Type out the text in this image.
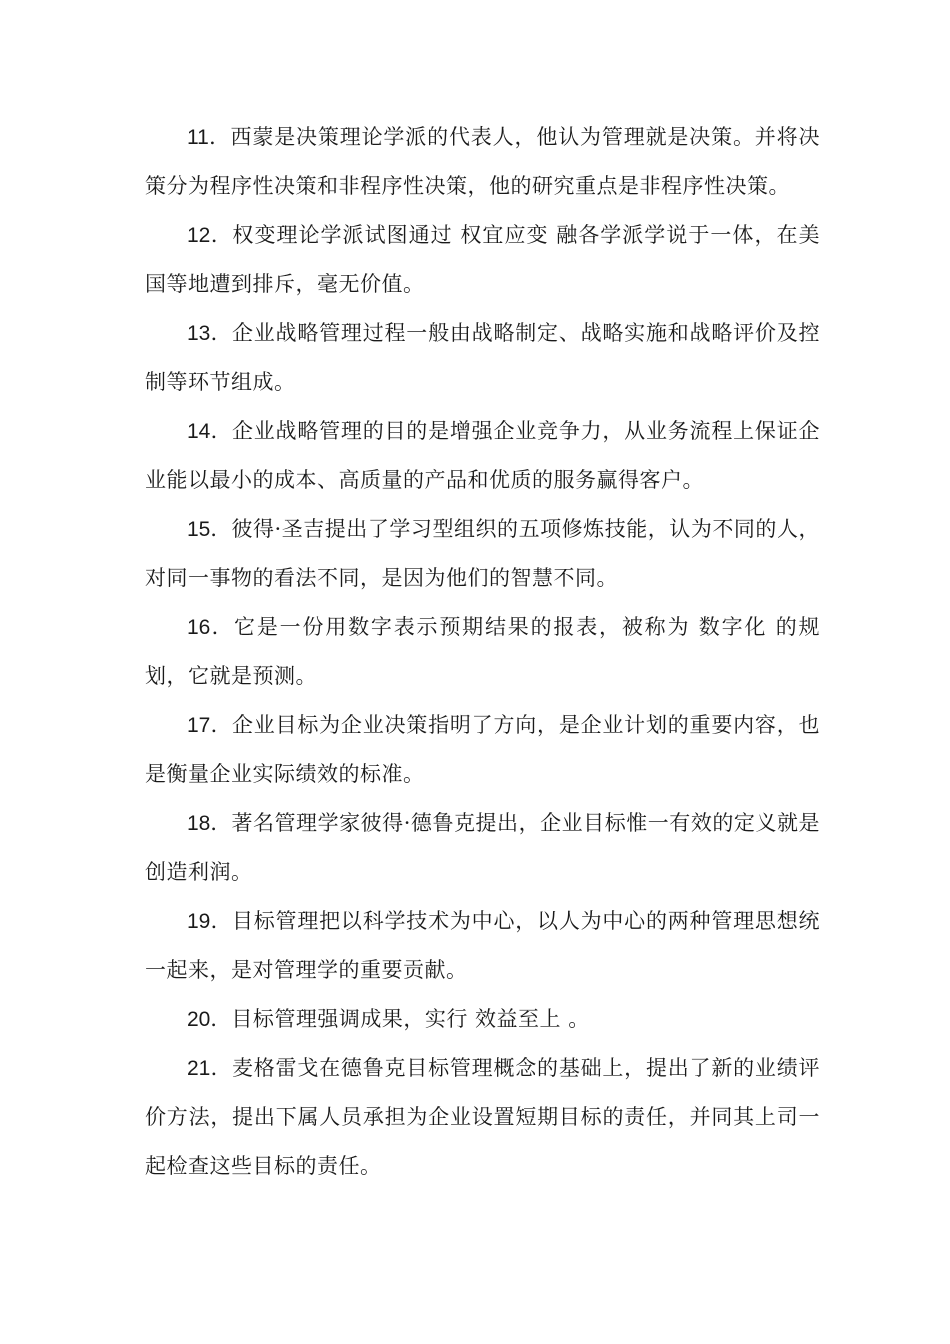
11．西蒙是决策理论学派的代表人，他认为管理就是决策。并将决策分为程序性决策和非程序性决策，他的研究重点是非程序性决策。

12．权变理论学派试图通过 权宜应变 融各学派学说于一体，在美国等地遭到排斥，毫无价值。

13．企业战略管理过程一般由战略制定、战略实施和战略评价及控制等环节组成。

14．企业战略管理的目的是增强企业竞争力，从业务流程上保证企业能以最小的成本、高质量的产品和优质的服务赢得客户。

15．彼得·圣吉提出了学习型组织的五项修炼技能，认为不同的人，对同一事物的看法不同，是因为他们的智慧不同。

16．它是一份用数字表示预期结果的报表，被称为 数字化 的规划，它就是预测。

17．企业目标为企业决策指明了方向，是企业计划的重要内容，也是衡量企业实际绩效的标准。

18．著名管理学家彼得·德鲁克提出，企业目标惟一有效的定义就是创造利润。

19．目标管理把以科学技术为中心，以人为中心的两种管理思想统一起来，是对管理学的重要贡献。

20．目标管理强调成果，实行 效益至上 。

21．麦格雷戈在德鲁克目标管理概念的基础上，提出了新的业绩评价方法，提出下属人员承担为企业设置短期目标的责任，并同其上司一起检查这些目标的责任。
